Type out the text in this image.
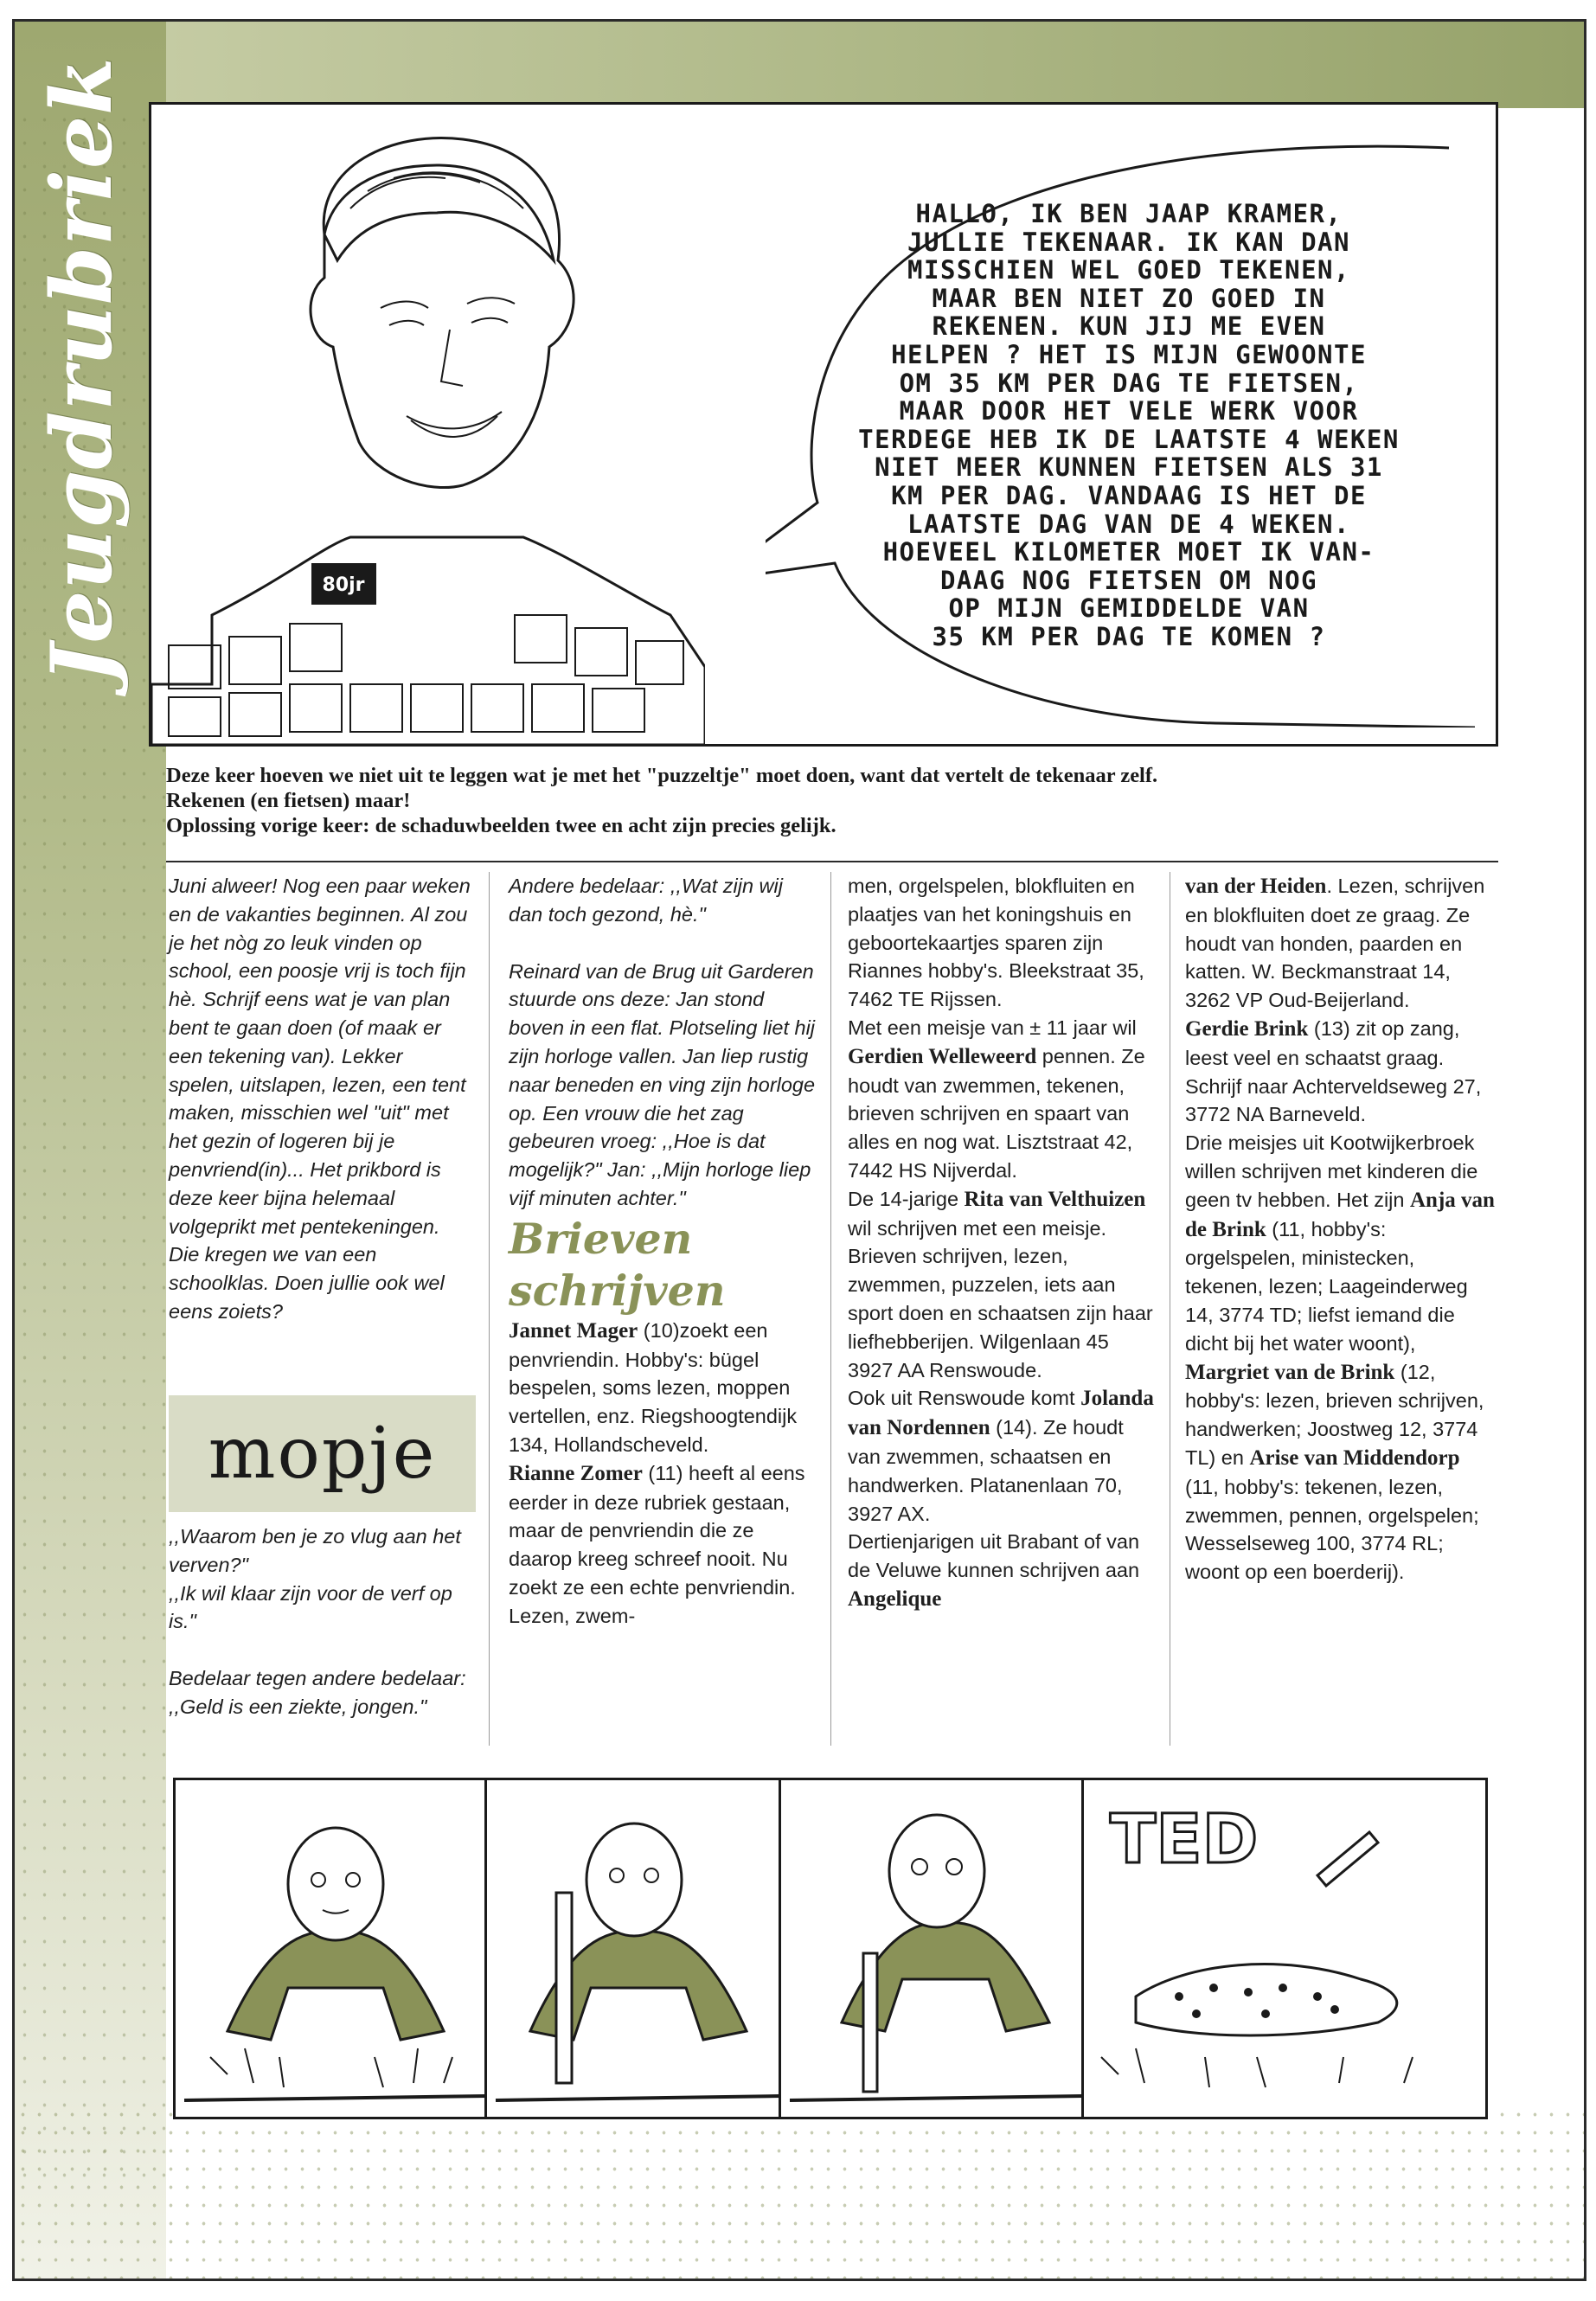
Jeugdrubriek	80jr
HALLO, IK BEN JAAP KRAMER,
JULLIE TEKENAAR. IK KAN DAN
MISSCHIEN WEL GOED TEKENEN,
MAAR BEN NIET ZO GOED IN
REKENEN. KUN JIJ ME EVEN
HELPEN ? HET IS MIJN GEWOONTE
OM 35 KM PER DAG TE FIETSEN,
MAAR DOOR HET VELE WERK VOOR
TERDEGE HEB IK DE LAATSTE 4 WEKEN
NIET MEER KUNNEN FIETSEN ALS 31
KM PER DAG. VANDAAG IS HET DE
LAATSTE DAG VAN DE 4 WEKEN.
HOEVEEL KILOMETER MOET IK VAN-
DAAG NOG FIETSEN OM NOG
OP MIJN GEMIDDELDE VAN
35 KM PER DAG TE KOMEN ?
Deze keer hoeven we niet uit te leggen wat je met het "puzzeltje" moet doen, want dat vertelt de tekenaar zelf.
Rekenen (en fietsen) maar!
Oplossing vorige keer: de schaduwbeelden twee en acht zijn precies gelijk.

Juni alweer! Nog een paar weken en de vakanties beginnen. Al zou je het nòg zo leuk vinden op school, een poosje vrij is toch fijn hè. Schrijf eens wat je van plan bent te gaan doen (of maak er een tekening van). Lekker spelen, uitslapen, lezen, een tent maken, misschien wel "uit" met het gezin of logeren bij je penvriend(in)... Het prikbord is deze keer bijna helemaal volgeprikt met pentekeningen. Die kregen we van een schoolklas. Doen jullie ook wel eens zoiets?

mopje

,,Waarom ben je zo vlug aan het verven?"

,,Ik wil klaar zijn voor de verf op is."

Bedelaar tegen andere bedelaar: ,,Geld is een ziekte, jongen."

Andere bedelaar: ,,Wat zijn wij dan toch gezond, hè."

Reinard van de Brug uit Garderen stuurde ons deze: Jan stond boven in een flat. Plotseling liet hij zijn horloge vallen. Jan liep rustig naar beneden en ving zijn horloge op. Een vrouw die het zag gebeuren vroeg: ,,Hoe is dat mogelijk?" Jan: ,,Mijn horloge liep vijf minuten achter."

Brieven schrijven

Jannet Mager (10)zoekt een penvriendin. Hobby's: bügel bespelen, soms lezen, moppen vertellen, enz. Riegshoogtendijk 134, Hollandscheveld.

Rianne Zomer (11) heeft al eens eerder in deze rubriek gestaan, maar de penvriendin die ze daarop kreeg schreef nooit. Nu zoekt ze een echte penvriendin. Lezen, zwem-

men, orgelspelen, blokfluiten en plaatjes van het koningshuis en geboortekaartjes sparen zijn Riannes hobby's. Bleekstraat 35, 7462 TE Rijssen.

Met een meisje van ± 11 jaar wil Gerdien Welleweerd pennen. Ze houdt van zwemmen, tekenen, brieven schrijven en spaart van alles en nog wat. Lisztstraat 42, 7442 HS Nijverdal.

De 14-jarige Rita van Velthuizen wil schrijven met een meisje. Brieven schrijven, lezen, zwemmen, puzzelen, iets aan sport doen en schaatsen zijn haar liefhebberijen. Wilgenlaan 45 3927 AA Renswoude.

Ook uit Renswoude komt Jolanda van Nordennen (14). Ze houdt van zwemmen, schaatsen en handwerken. Platanenlaan 70, 3927 AX.

Dertienjarigen uit Brabant of van de Veluwe kunnen schrijven aan Angelique

van der Heiden. Lezen, schrijven en blokfluiten doet ze graag. Ze houdt van honden, paarden en katten. W. Beckmanstraat 14, 3262 VP Oud-Beijerland.

Gerdie Brink (13) zit op zang, leest veel en schaatst graag. Schrijf naar Achterveldseweg 27, 3772 NA Barneveld.

Drie meisjes uit Kootwijkerbroek willen schrijven met kinderen die geen tv hebben. Het zijn Anja van de Brink (11, hobby's: orgelspelen, ministecken, tekenen, lezen; Laageinderweg 14, 3774 TD; liefst iemand die dicht bij het water woont), Margriet van de Brink (12, hobby's: lezen, brieven schrijven, handwerken; Joostweg 12, 3774 TL) en Arise van Middendorp (11, hobby's: tekenen, lezen, zwemmen, pennen, orgelspelen; Wesselseweg 100, 3774 RL; woont op een boerderij).

TED
